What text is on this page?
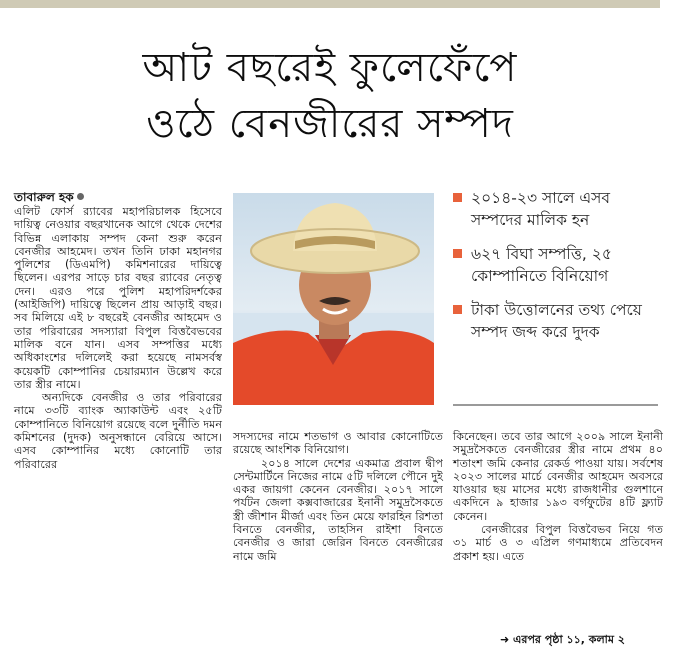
আট বছরেই ফুলেফেঁপে
ওঠে বেনজীরের সম্পদ

তাবারুল হক

এলিট ফোর্স র‍্যাবের মহাপরিচালক হিসেবে দায়িত্ব নেওয়ার বছরখানেক আগে থেকে দেশের বিভিন্ন এলাকায় সম্পদ কেনা শুরু করেন বেনজীর আহমেদ। তখন তিনি ঢাকা মহানগর পুলিশের (ডিএমপি) কমিশনারের দায়িত্বে ছিলেন। এরপর সাড়ে চার বছর র‍্যাবের নেতৃত্ব দেন। এরও পরে পুলিশ মহাপরিদর্শকের (আইজিপি) দায়িত্বে ছিলেন প্রায় আড়াই বছর। সব মিলিয়ে এই ৮ বছরেই বেনজীর আহমেদ ও তার পরিবারের সদস্যারা বিপুল বিত্তবৈভবের মালিক বনে যান। এসব সম্পত্তির মধ্যে অধিকাংশের দলিলেই করা হয়েছে নামসর্বস্ব কয়েকটি কোম্পানির চেয়ারম্যান উল্লেখ করে তার স্ত্রীর নামে।

অন্যদিকে বেনজীর ও তার পরিবারের নামে ৩৩টি ব্যাংক অ্যাকাউন্ট এবং ২৫টি কোম্পানিতে বিনিয়োগ রয়েছে বলে দুর্নীতি দমন কমিশনের (দুদক) অনুসন্ধানে বেরিয়ে আসে। এসব কোম্পানির মধ্যে কোনোটি তার পরিবারের

২০১৪-২৩ সালে এসব সম্পদের মালিক হন
৬২৭ বিঘা সম্পত্তি, ২৫ কোম্পানিতে বিনিয়োগ
টাকা উত্তোলনের তথ্য পেয়ে সম্পদ জব্দ করে দুদক

সদস্যদের নামে শতভাগ ও আবার কোনোটিতে রয়েছে আংশিক বিনিয়োগ।

২০১৪ সালে দেশের একমাত্র প্রবাল দ্বীপ সেন্টমার্টিনে নিজের নামে ৫টি দলিলে পৌনে দুই একর জায়গা কেনেন বেনজীর। ২০১৭ সালে পর্যটন জেলা কক্সবাজারের ইনানী সমুদ্রসৈকতে স্ত্রী জীশান মীর্জা এবং তিন মেয়ে ফারহিন রিশতা বিনতে বেনজীর, তাহসিন রাইশা বিনতে বেনজীর ও জারা জেরিন বিনতে বেনজীরের নামে জমি

কিনেছেন। তবে তার আগে ২০০৯ সালে ইনানী সমুদ্রসৈকতে বেনজীরের স্ত্রীর নামে প্রথম ৪০ শতাংশ জমি কেনার রেকর্ড পাওয়া যায়। সর্বশেষ ২০২৩ সালের মার্চে বেনজীর আহমেদ অবসরে যাওয়ার ছয় মাসের মধ্যে রাজধানীর গুলশানে একদিনে ৯ হাজার ১৯৩ বর্গফুটের ৪টি ফ্ল্যাট কেনেন।

বেনজীরের বিপুল বিত্তবৈভব নিয়ে গত ৩১ মার্চ ও ৩ এপ্রিল গণমাধ্যমে প্রতিবেদন প্রকাশ হয়। এতে

➜ এরপর পৃষ্ঠা ১১, কলাম ২
